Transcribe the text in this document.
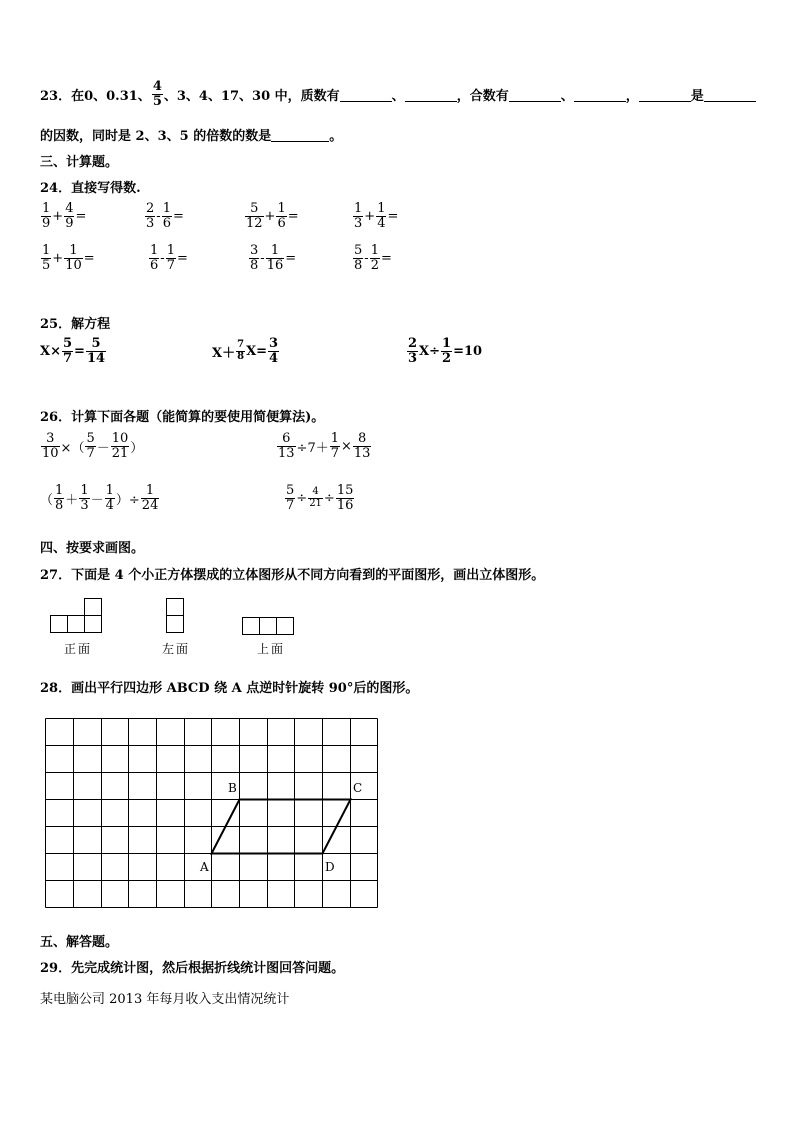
23． 在0、0.31、 $\frac{4}{5}$ 、3、4、17、30 中，质数有	、	，合数有	、	，	是
的因数，同时是 2、3、5 的倍数的数是	。
三、计算题。
24．直接写得数.
$\frac{1}{9} + \frac{4}{9}$ =	$\frac{2}{3} - \frac{1}{6}$ =	$\frac{5}{12} + \frac{1}{6}$ =	$\frac{1}{3} + \frac{1}{4}$ =
$\frac{1}{5} + \frac{1}{10}$ =	$\frac{1}{6} - \frac{1}{7}$ =	$\frac{3}{8} - \frac{1}{16}$ =	$\frac{5}{8} - \frac{1}{2}$ =
25．解方程
$X\times \frac{5}{7} = \frac{5}{14}$	$X+ \frac{7}{8} X= \frac{3}{4}$	$\frac{2}{3} X\div \frac{1}{2} =10$
26．计算下面各题（能简算的要使用简便算法)。
$\frac{3}{10}$ ×（ $\frac{5}{7} - \frac{10}{21}$ ）	$\frac{6}{13} \div 7+ \frac{1}{7} \times \frac{8}{13}$
（ $\frac{1}{8} + \frac{1}{3} - \frac{1}{4}$ ）÷ $\frac{1}{24}$	$\frac{5}{7} \div \frac{4}{21} \div \frac{15}{16}$
四、按要求画图。
27．下面是 4 个小正方体摆成的立体图形从不同方向看到的平面图形，画出立体图形。
正面	左面	上面
28．画出平行四边形 ABCD 绕 A 点逆时针旋转 90°后的图形。
A
B	C
D
五、解答题。
29．先完成统计图，然后根据折线统计图回答问题。
某电脑公司 2013 年每月收入支出情况统计
